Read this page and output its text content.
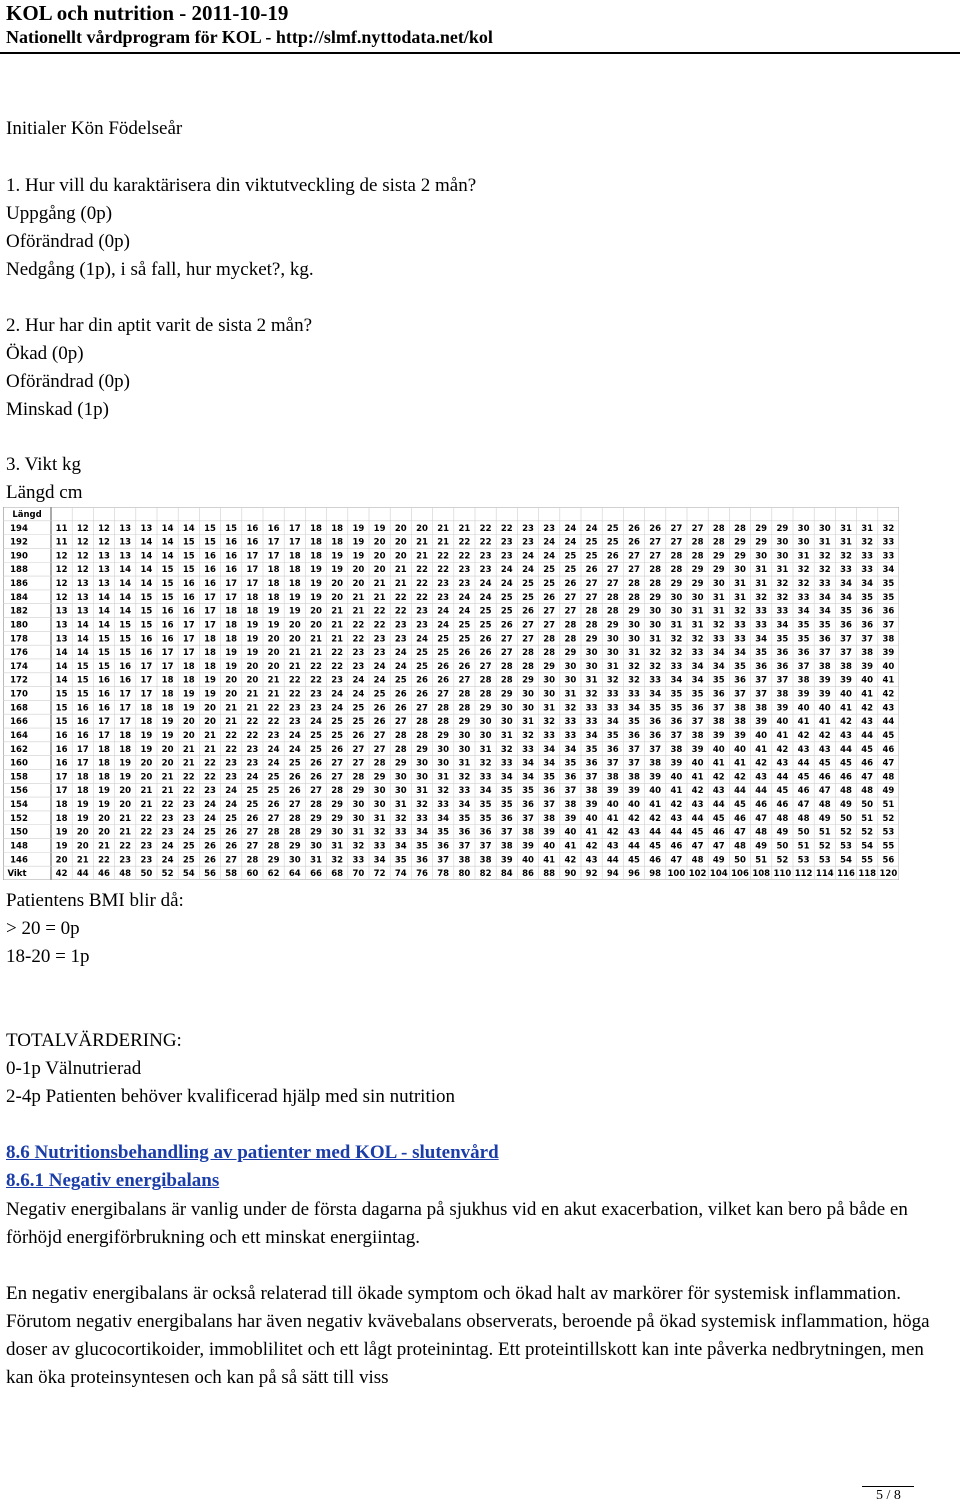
KOL och nutrition - 2011-10-19
Nationellt vårdprogram för KOL - http://slmf.nyttodata.net/kol
Initialer Kön Födelseår
1. Hur vill du karaktärisera din viktutveckling de sista 2 mån?
Uppgång (0p)
Oförändrad (0p)
Nedgång (1p), i så fall, hur mycket?, kg.
2. Hur har din aptit varit de sista 2 mån?
Ökad (0p)
Oförändrad (0p)
Minskad (1p)
3. Vikt kg
Längd cm
Längd
194	11 12 12 13 13 14 14 15 15 16 16 17 18 18 19 19 20 20 21 21 22 22 23 23 24 24 25 26 26 27 27 28 28 29 29 30 30 31 31 32
192	11 12 12 13 14 14 15 15 16 16 17 17 18 18 19 20 20 21 21 22 22 23 23 24 24 25 25 26 27 27 28 28 29 29 30 30 31 31 32 33
190	12 12 13 13 14 14 15 16 16 17 17 18 18 19 19 20 20 21 22 22 23 23 24 24 25 25 26 27 27 28 28 29 29 30 30 31 32 32 33 33
188	12 12 13 14 14 15 15 16 16 17 18 18 19 19 20 20 21 22 22 23 23 24 24 25 25 26 27 27 28 28 29 29 30 31 31 32 32 33 33 34
186	12 13 13 14 14 15 16 16 17 17 18 18 19 20 20 21 21 22 23 23 24 24 25 25 26 27 27 28 28 29 29 30 31 31 32 32 33 34 34 35
184	12 13 14 14 15 15 16 17 17 18 18 19 19 20 21 21 22 22 23 24 24 25 25 26 27 27 28 28 29 30 30 31 31 32 32 33 34 34 35 35
182	13 13 14 14 15 16 16 17 18 18 19 19 20 21 21 22 22 23 24 24 25 25 26 27 27 28 28 29 30 30 31 31 32 33 33 34 34 35 36 36
180	13 14 14 15 15 16 17 17 18 19 19 20 20 21 22 22 23 23 24 25 25 26 27 27 28 28 29 30 30 31 31 32 33 33 34 35 35 36 36 37
178	13 14 15 15 16 16 17 18 18 19 20 20 21 21 22 23 23 24 25 25 26 27 27 28 28 29 30 30 31 32 32 33 33 34 35 35 36 37 37 38
176	14 14 15 15 16 17 17 18 19 19 20 21 21 22 23 23 24 25 25 26 26 27 28 28 29 30 30 31 32 32 33 34 34 35 36 36 37 37 38 39
174	14 15 15 16 17 17 18 18 19 20 20 21 22 22 23 24 24 25 26 26 27 28 28 29 30 30 31 32 32 33 34 34 35 36 36 37 38 38 39 40
172	14 15 16 16 17 18 18 19 20 20 21 22 22 23 24 24 25 26 26 27 28 28 29 30 30 31 32 32 33 34 34 35 36 37 37 38 39 39 40 41
170	15 15 16 17 17 18 19 19 20 21 21 22 23 24 24 25 26 26 27 28 28 29 30 30 31 32 33 33 34 35 35 36 37 37 38 39 39 40 41 42
168	15 16 16 17 18 18 19 20 21 21 22 23 23 24 25 26 26 27 28 28 29 30 30 31 32 33 33 34 35 35 36 37 38 38 39 40 40 41 42 43
166	15 16 17 17 18 19 20 20 21 22 22 23 24 25 25 26 27 28 28 29 30 30 31 32 33 33 34 35 36 36 37 38 38 39 40 41 41 42 43 44
164	16 16 17 18 19 19 20 21 22 22 23 24 25 25 26 27 28 28 29 30 30 31 32 33 33 34 35 36 36 37 38 39 39 40 41 42 42 43 44 45
162	16 17 18 18 19 20 21 21 22 23 24 24 25 26 27 27 28 29 30 30 31 32 33 34 34 35 36 37 37 38 39 40 40 41 42 43 43 44 45 46
160	16 17 18 19 20 20 21 22 23 23 24 25 26 27 27 28 29 30 30 31 32 33 34 34 35 36 37 37 38 39 40 41 41 42 43 44 45 45 46 47
158	17 18 18 19 20 21 22 22 23 24 25 26 26 27 28 29 30 30 31 32 33 34 34 35 36 37 38 38 39 40 41 42 42 43 44 45 46 46 47 48
156	17 18 19 20 21 21 22 23 24 25 25 26 27 28 29 30 30 31 32 33 34 35 35 36 37 38 39 39 40 41 42 43 44 44 45 46 47 48 48 49
154	18 19 19 20 21 22 23 24 24 25 26 27 28 29 30 30 31 32 33 34 35 35 36 37 38 39 40 40 41 42 43 44 45 46 46 47 48 49 50 51
152	18 19 20 21 22 23 23 24 25 26 27 28 29 29 30 31 32 33 34 35 35 36 37 38 39 40 41 42 42 43 44 45 46 47 48 48 49 50 51 52
150	19 20 20 21 22 23 24 25 26 27 28 28 29 30 31 32 33 34 35 36 36 37 38 39 40 41 42 43 44 44 45 46 47 48 49 50 51 52 52 53
148	19 20 21 22 23 24 25 26 26 27 28 29 30 31 32 33 34 35 36 37 37 38 39 40 41 42 43 44 45 46 47 47 48 49 50 51 52 53 54 55
146	20 21 22 23 23 24 25 26 27 28 29 30 31 32 33 34 35 36 37 38 38 39 40 41 42 43 44 45 46 47 48 49 50 51 52 53 53 54 55 56
Vikt	42 44 46 48 50 52 54 56 58 60 62 64 66 68 70 72 74 76 78 80 82 84 86 88 90 92 94 96 98 100 102 104 106 108 110 112 114 116 118 120
Patientens BMI blir då:
> 20 = 0p
18-20 = 1p
TOTALVÄRDERING:
0-1p Välnutrierad
2-4p Patienten behöver kvalificerad hjälp med sin nutrition
8.6 Nutritionsbehandling av patienter med KOL - slutenvård
8.6.1 Negativ energibalans
Negativ energibalans är vanlig under de första dagarna på sjukhus vid en akut exacerbation, vilket kan bero på både en förhöjd energiförbrukning och ett minskat energiintag.
En negativ energibalans är också relaterad till ökade symptom och ökad halt av markörer för systemisk inflammation. Förutom negativ energibalans har även negativ kvävebalans observerats, beroende på ökad systemisk inflammation, höga doser av glucocortikoider, immoblilitet och ett lågt proteinintag. Ett proteintillskott kan inte påverka nedbrytningen, men kan öka proteinsyntesen och kan på så sätt till viss
5 / 8
